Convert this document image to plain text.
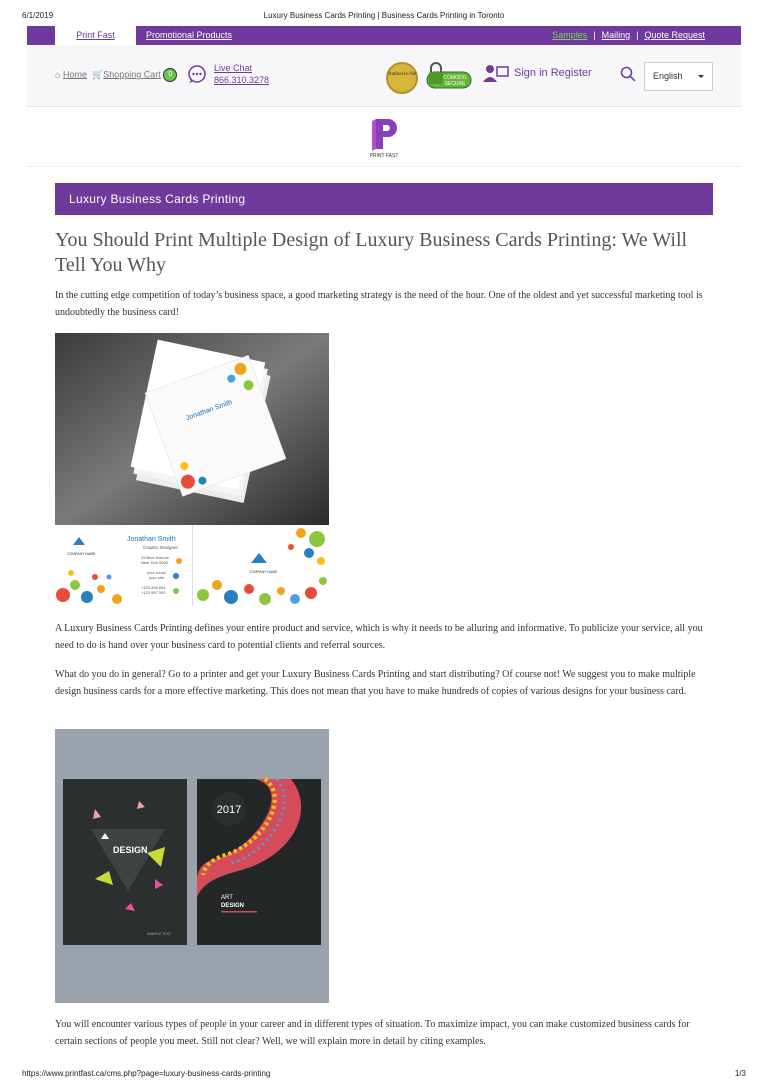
6/1/2019	Luxury Business Cards Printing | Business Cards Printing in Toronto
Print Fast	Promotional Products	Samples | Mailing | Quote Request
⌂ Home 🛒Shopping Cart 0
Live Chat
866.310.3278
Authorize.Net
COMODO
SECURE
Sign in Register	English
PRINT FAST
Luxury Business Cards Printing
You Should Print Multiple Design of Luxury Business Cards Printing: We Will Tell You Why

In the cutting edge competition of today’s business space, a good marketing strategy is the need of the hour. One of the oldest and yet successful marketing tool is undoubtedly the business card!

Jonathan Smith
COMPANY NAME
Jonathan Smith
Graphic Designer
25 Blue Avenue
New York 5000
your email
your site
+123 456 654
+123 987 000
COMPANY NAME

A Luxury Business Cards Printing defines your entire product and service, which is why it needs to be alluring and informative. To publicize your service, all you need to do is hand over your business card to potential clients and referral sources.

What do you do in general? Go to a printer and get your Luxury Business Cards Printing and start distributing? Of course not! We suggest you to make multiple design business cards for a more effective marketing. This does not mean that you have to make hundreds of copies of various designs for your business card.

DESIGN
SAMPLE TEXT
2017
ART
DESIGN

You will encounter various types of people in your career and in different types of situation. To maximize impact, you can make customized business cards for certain sections of people you meet. Still not clear? Well, we will explain more in detail by citing examples.

https://www.printfast.ca/cms.php?page=luxury-business-cards-printing	1/3
